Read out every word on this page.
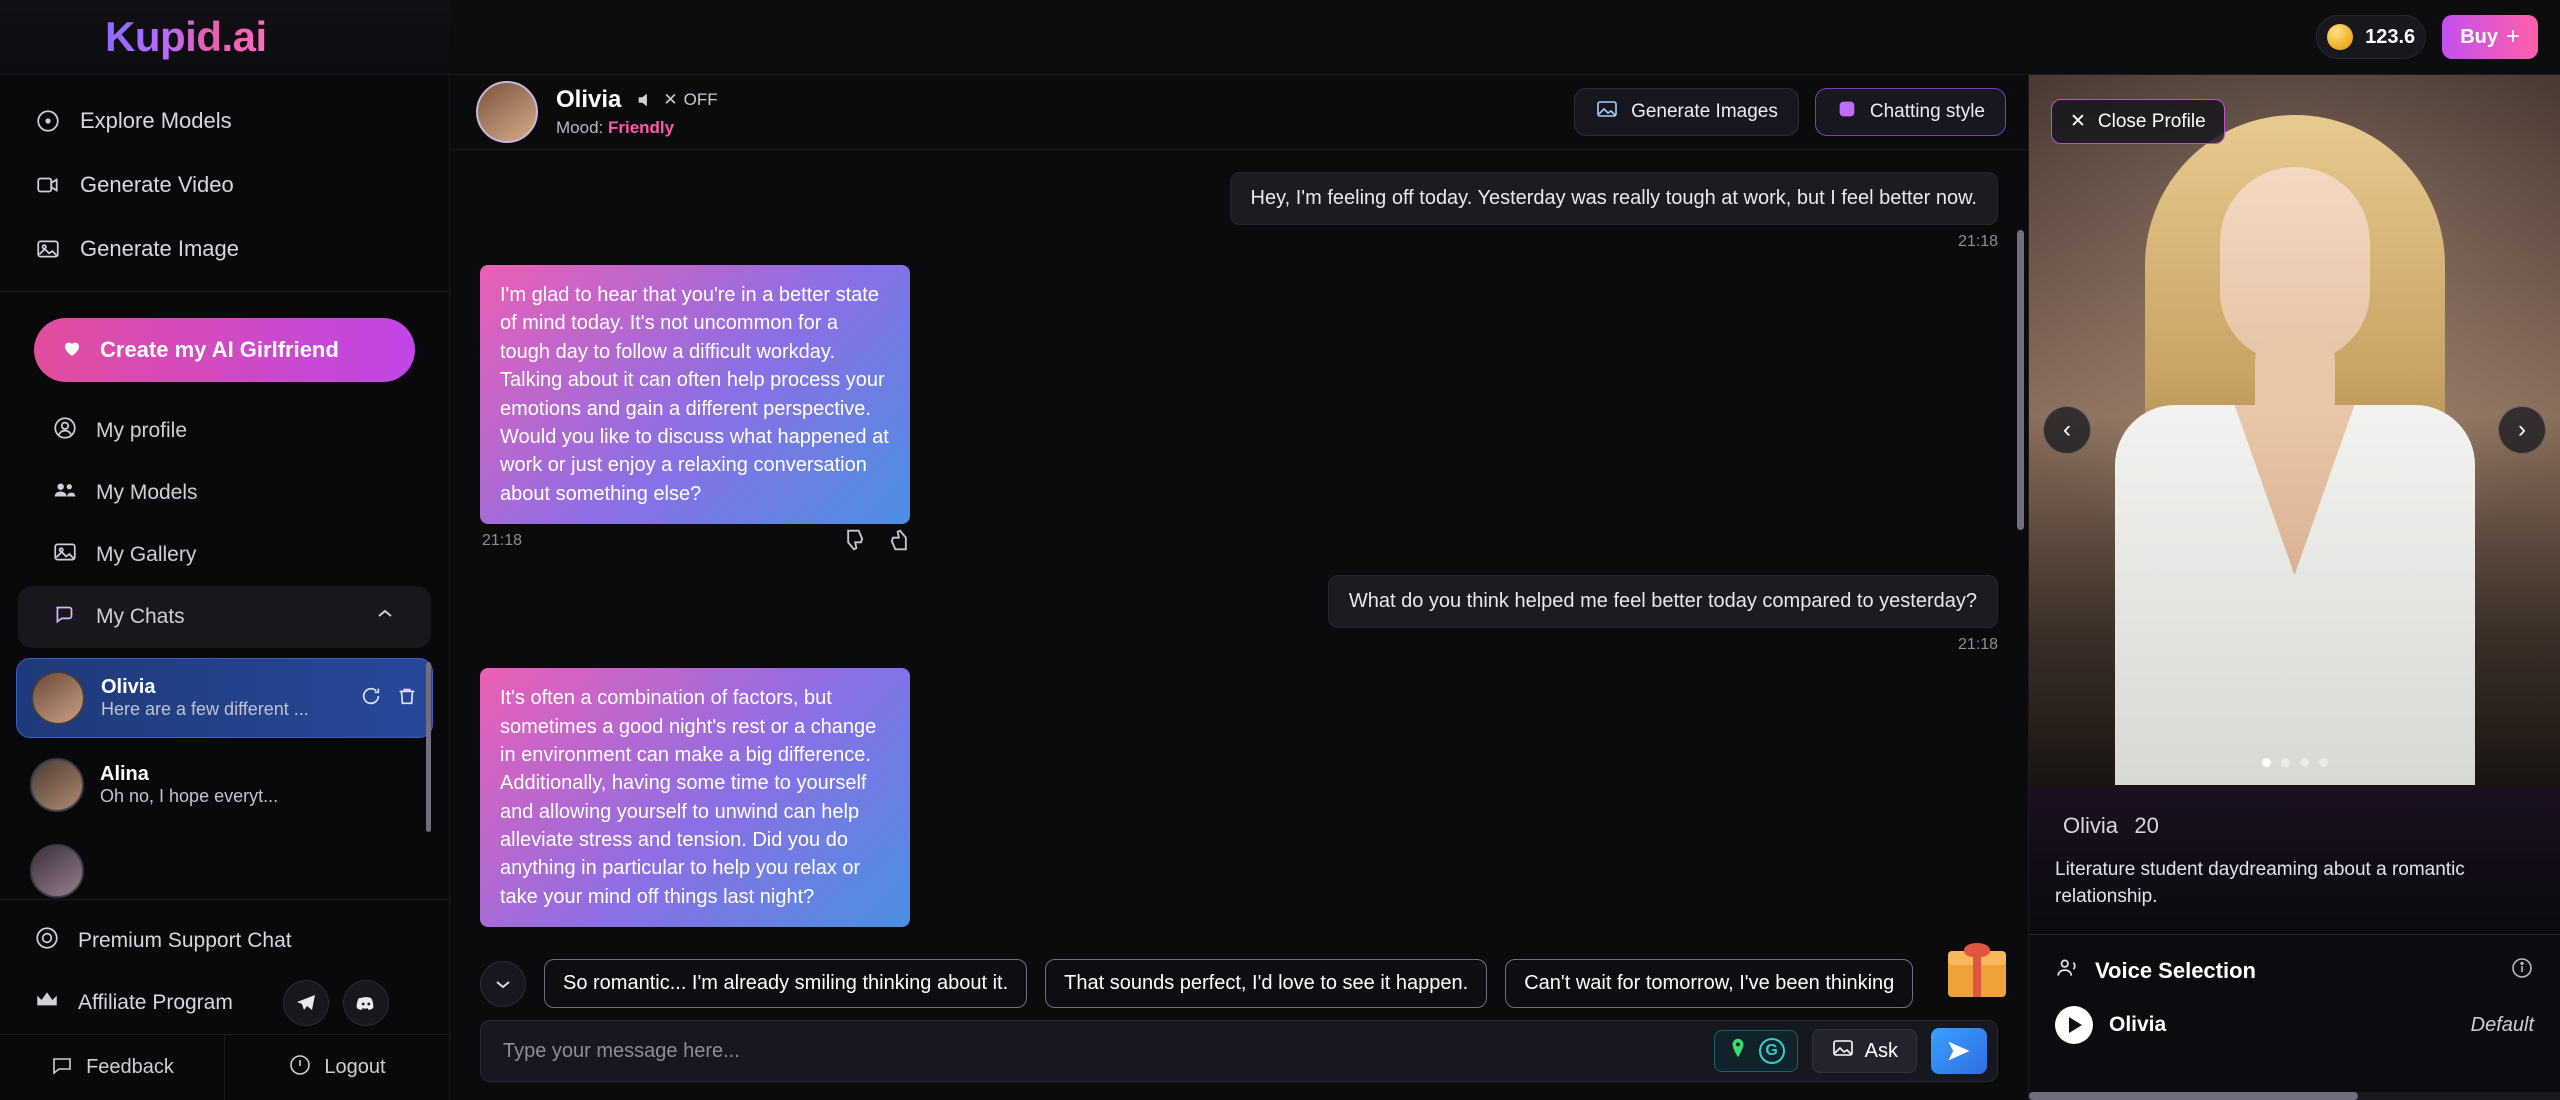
Kupid.ai	123.6 Buy +
Explore Models
Generate Video
Generate Image
Create my AI Girlfriend
My profile
My Models
My Gallery
My Chats
Olivia
Here are a few different ...
Alina
Oh no, I hope everyt...
Premium Support Chat
Affiliate Program
Feedback	Logout
Olivia ✕ OFF
Mood: Friendly
Generate Images	Chatting style
Hey, I'm feeling off today. Yesterday was really tough at work, but I feel better now.
21:18
I'm glad to hear that you're in a better state of mind today. It's not uncommon for a tough day to follow a difficult workday. Talking about it can often help process your emotions and gain a different perspective. Would you like to discuss what happened at work or just enjoy a relaxing conversation about something else?
21:18
What do you think helped me feel better today compared to yesterday?
21:18
It's often a combination of factors, but sometimes a good night's rest or a change in environment can make a big difference. Additionally, having some time to yourself and allowing yourself to unwind can help alleviate stress and tension. Did you do anything in particular to help you relax or take your mind off things last night?
So romantic... I'm already smiling thinking about it.	That sounds perfect, I'd love to see it happen.	Can't wait for tomorrow, I've been thinking
Type your message here...
G	Ask
✕ Close Profile
‹	›
Olivia 20
Literature student daydreaming about a romantic relationship.
Voice Selection
Olivia	Default
